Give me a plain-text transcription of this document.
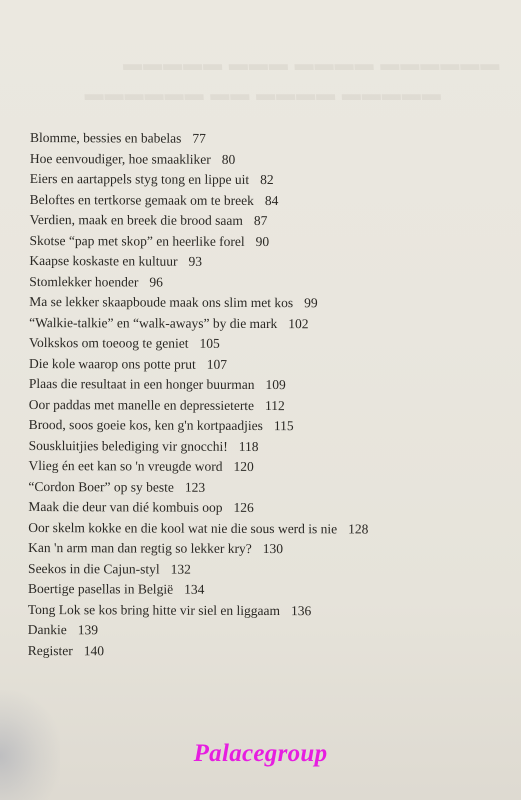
▬▬▬▬▬▬ ▬▬▬▬ ▬▬▬ ▬▬▬▬▬
▬▬▬▬▬ ▬▬▬▬ ▬▬ ▬▬▬▬▬▬
Blomme, bessies en babelas 77
Hoe eenvoudiger, hoe smaakliker 80
Eiers en aartappels styg tong en lippe uit 82
Beloftes en tertkorse gemaak om te breek 84
Verdien, maak en breek die brood saam 87
Skotse “pap met skop” en heerlike forel 90
Kaapse koskaste en kultuur 93
Stomlekker hoender 96
Ma se lekker skaapboude maak ons slim met kos 99
“Walkie-talkie” en “walk-aways” by die mark 102
Volkskos om toeoog te geniet 105
Die kole waarop ons potte prut 107
Plaas die resultaat in een honger buurman 109
Oor paddas met manelle en depressieterte 112
Brood, soos goeie kos, ken g'n kortpaadjies 115
Souskluitjies belediging vir gnocchi! 118
Vlieg én eet kan so 'n vreugde word 120
“Cordon Boer” op sy beste 123
Maak die deur van dié kombuis oop 126
Oor skelm kokke en die kool wat nie die sous werd is nie 128
Kan 'n arm man dan regtig so lekker kry? 130
Seekos in die Cajun-styl 132
Boertige pasellas in België 134
Tong Lok se kos bring hitte vir siel en liggaam 136
Dankie 139
Register 140
Palacegroup
